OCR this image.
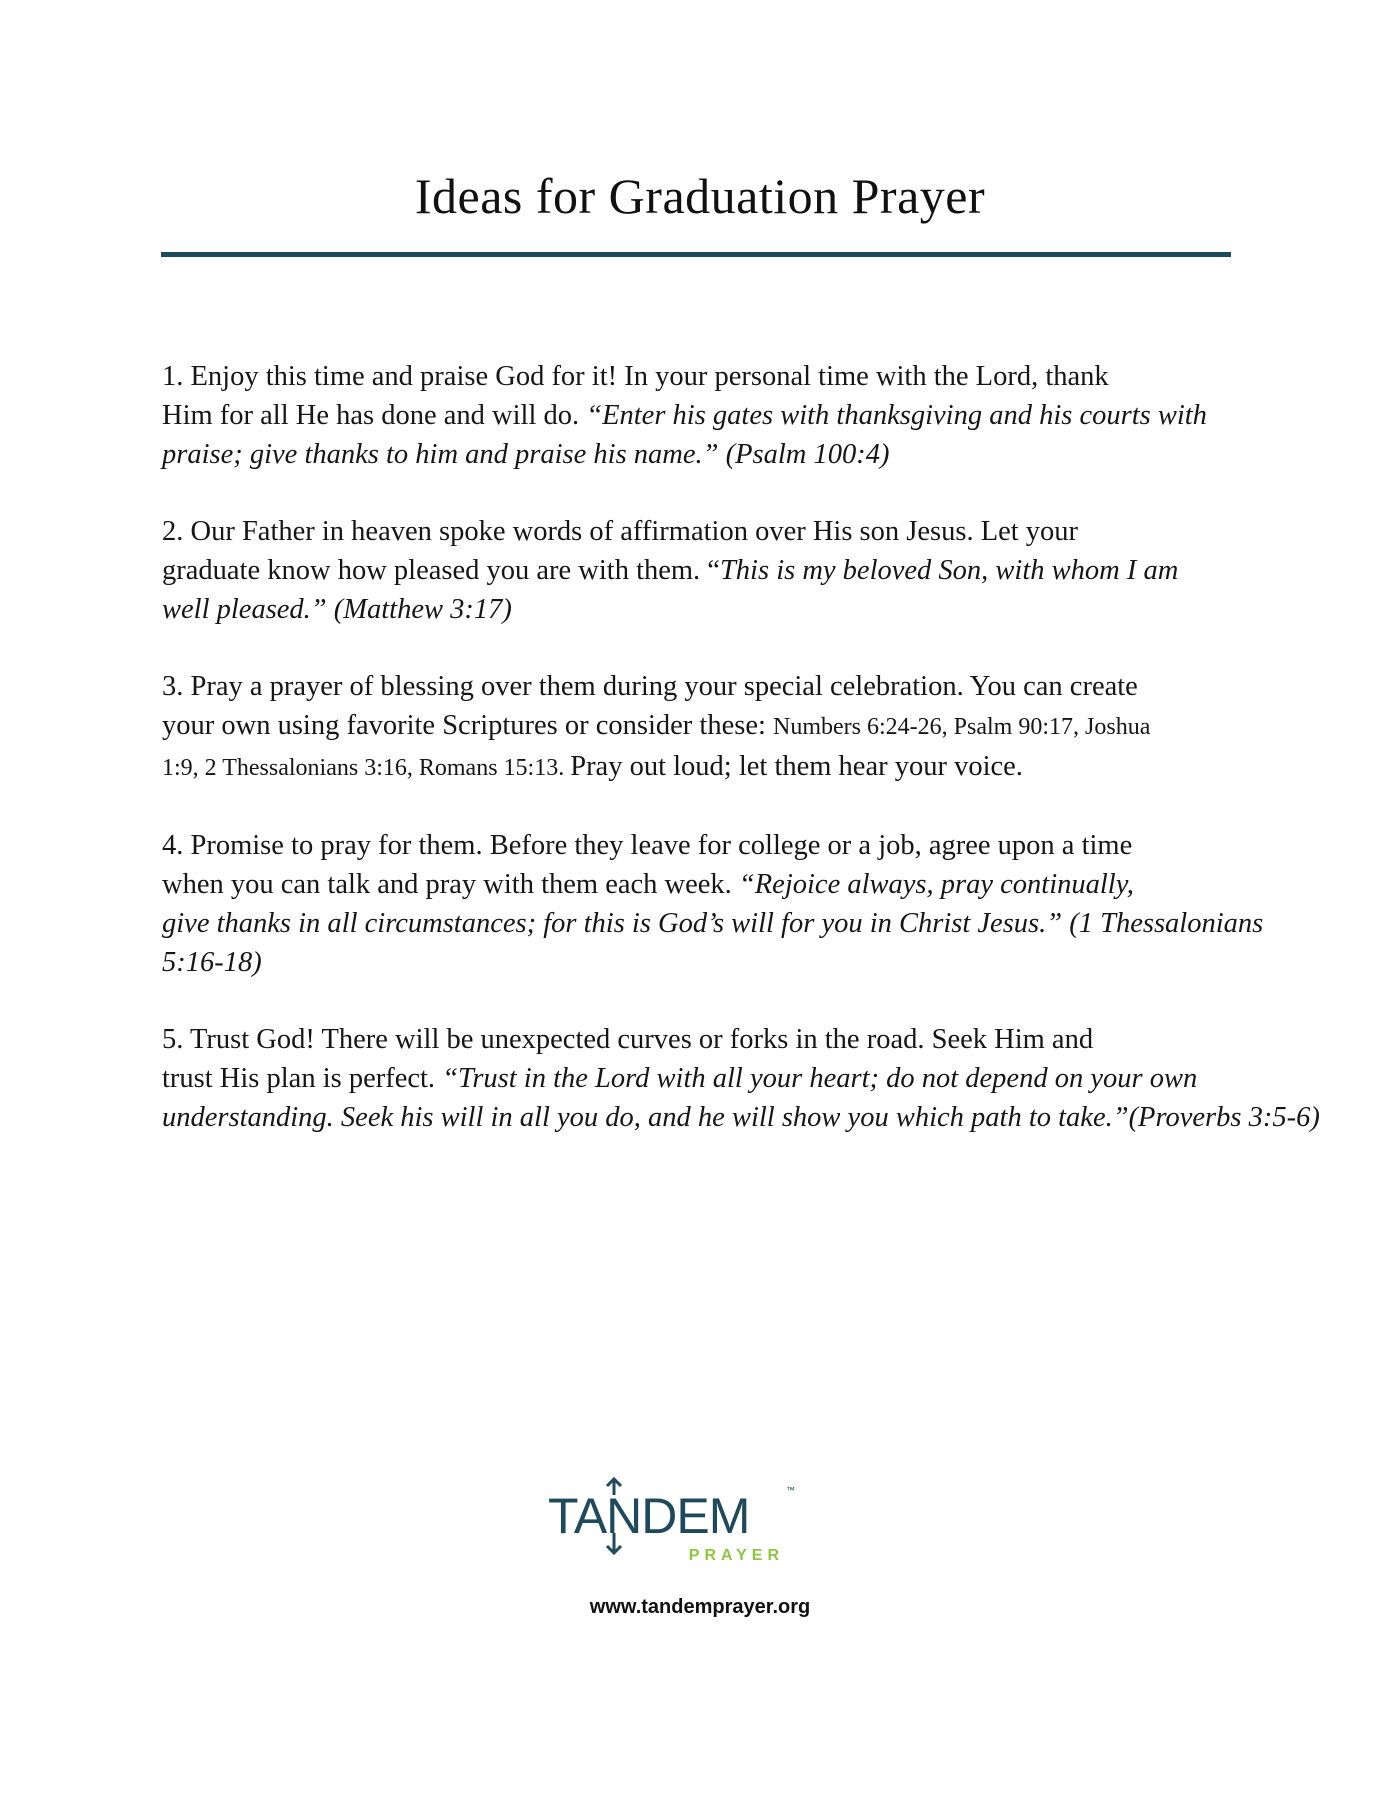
Ideas for Graduation Prayer

1. Enjoy this time and praise God for it! In your personal time with the Lord, thank
Him for all He has done and will do. “Enter his gates with thanksgiving and his courts with
praise; give thanks to him and praise his name.” (Psalm 100:4)

2. Our Father in heaven spoke words of affirmation over His son Jesus. Let your
graduate know how pleased you are with them. “This is my beloved Son, with whom I am
well pleased.” (Matthew 3:17)

3. Pray a prayer of blessing over them during your special celebration. You can create
your own using favorite Scriptures or consider these: Numbers 6:24-26, Psalm 90:17, Joshua
1:9, 2 Thessalonians 3:16, Romans 15:13. Pray out loud; let them hear your voice.

4. Promise to pray for them. Before they leave for college or a job, agree upon a time
when you can talk and pray with them each week. “Rejoice always, pray continually,
give thanks in all circumstances; for this is God’s will for you in Christ Jesus.” (1 Thessalonians
5:16-18)

5. Trust God! There will be unexpected curves or forks in the road. Seek Him and
trust His plan is perfect. “Trust in the Lord with all your heart; do not depend on your own
understanding. Seek his will in all you do, and he will show you which path to take.”(Proverbs 3:5-6)

TANDEM	™
PRAYER
www.tandemprayer.org
